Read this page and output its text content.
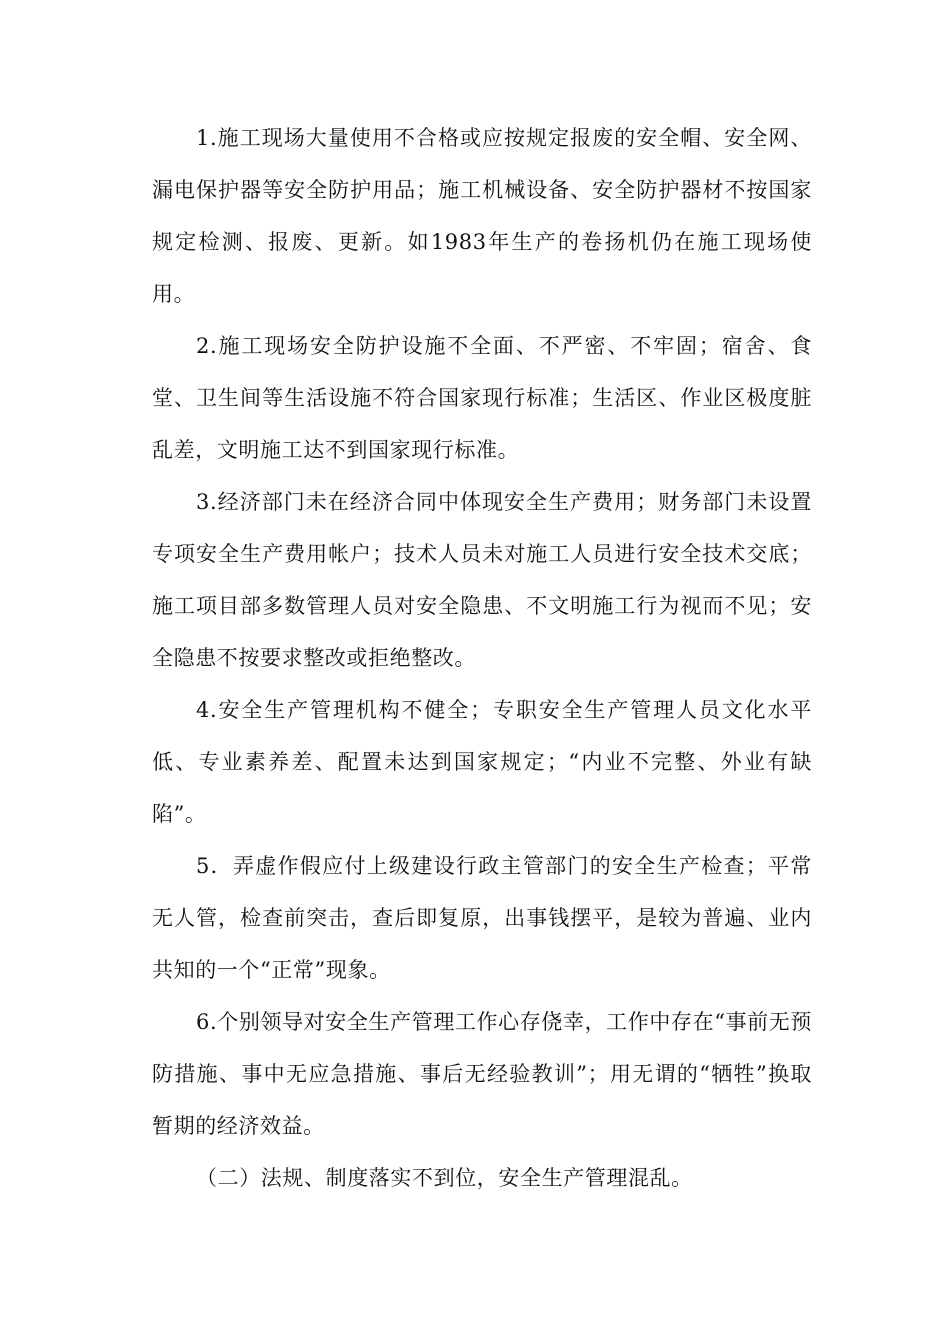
1.施工现场大量使用不合格或应按规定报废的安全帽、安全网、漏电保护器等安全防护用品；施工机械设备、安全防护器材不按国家规定检测、报废、更新。如1983年生产的卷扬机仍在施工现场使用。

2.施工现场安全防护设施不全面、不严密、不牢固；宿舍、食堂、卫生间等生活设施不符合国家现行标准；生活区、作业区极度脏乱差，文明施工达不到国家现行标准。

3.经济部门未在经济合同中体现安全生产费用；财务部门未设置专项安全生产费用帐户；技术人员未对施工人员进行安全技术交底；施工项目部多数管理人员对安全隐患、不文明施工行为视而不见；安全隐患不按要求整改或拒绝整改。

4.安全生产管理机构不健全；专职安全生产管理人员文化水平低、专业素养差、配置未达到国家规定；“内业不完整、外业有缺陷”。

5．弄虚作假应付上级建设行政主管部门的安全生产检查；平常无人管，检查前突击，查后即复原，出事钱摆平，是较为普遍、业内共知的一个“正常”现象。

6.个别领导对安全生产管理工作心存侥幸，工作中存在“事前无预防措施、事中无应急措施、事后无经验教训”；用无谓的“牺牲”换取暂期的经济效益。

（二）法规、制度落实不到位，安全生产管理混乱。
